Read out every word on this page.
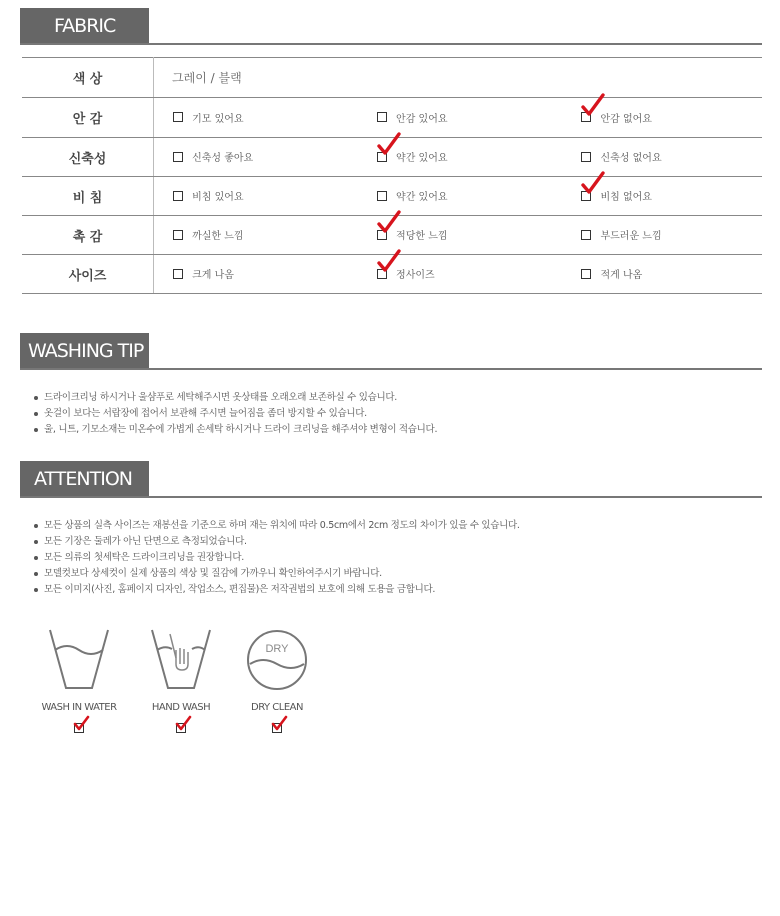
FABRIC
색 상	그레이 / 블랙		
안 감	기모 있어요	안감 있어요	안감 없어요

신축성	신축성 좋아요	약간 있어요	신축성 없어요

비 침	비침 있어요	약간 있어요	비침 없어요

촉 감	까실한 느낌	적당한 느낌	부드러운 느낌

사이즈	크게 나옴	정사이즈	적게 나옴
WASHING TIP
드라이크리닝 하시거나 울샴푸로 세탁해주시면 옷상태를 오래오래 보존하실 수 있습니다.
옷걸이 보다는 서랍장에 접어서 보관해 주시면 늘어짐을 좀더 방지할 수 있습니다.
울, 니트, 기모소재는 미온수에 가볍게 손세탁 하시거나 드라이 크리닝을 해주셔야 변형이 적습니다.
ATTENTION
모든 상품의 실측 사이즈는 재봉선을 기준으로 하며 재는 위치에 따라 0.5cm에서 2cm 정도의 차이가 있을 수 있습니다.
모든 기장은 둘레가 아닌 단면으로 측정되었습니다.
모든 의류의 첫세탁은 드라이크리닝을 권장합니다.
모델컷보다 상세컷이 실제 상품의 색상 및 질감에 가까우니 확인하여주시기 바랍니다.
모든 이미지(사진, 홈페이지 디자인, 작업소스, 편집물)은 저작권법의 보호에 의해 도용을 금합니다.
WASH IN WATER	HAND WASH
DRY
DRY CLEAN
